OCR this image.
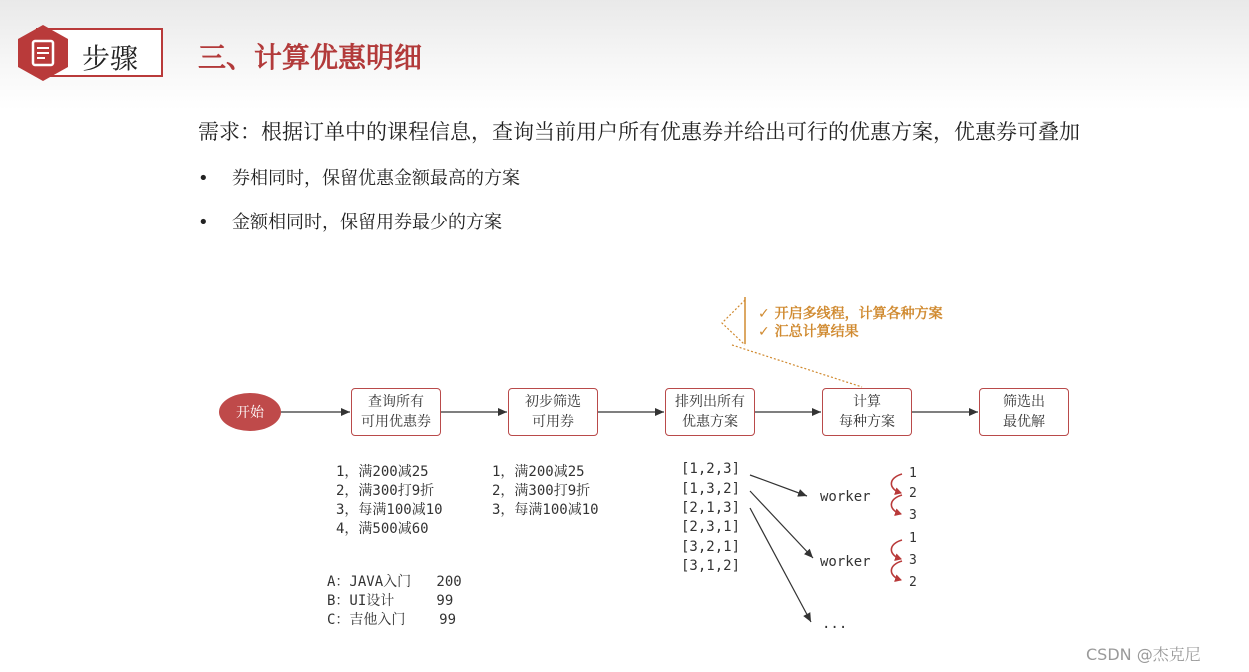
步骤 三、计算优惠明细
需求：根据订单中的课程信息，查询当前用户所有优惠券并给出可行的优惠方案，优惠券可叠加
• 券相同时，保留优惠金额最高的方案
• 金额相同时，保留用券最少的方案
✓ 开启多线程，计算各种方案
✓ 汇总计算结果
开始
查询所有
可用优惠券
初步筛选
可用券
排列出所有
优惠方案
计算
每种方案
筛选出
最优解
1，满200减25
2，满300打9折
3，每满100减10
4，满500减60
1，满200减25
2，满300打9折
3，每满100减10
A：JAVA入门   200
B：UI设计     99
C：吉他入门    99
[1,2,3]
[1,3,2]
[2,1,3]
[2,3,1]
[3,2,1]
[3,1,2]
worker
1
2
3
worker
1
3
2
...
CSDN @杰克尼
